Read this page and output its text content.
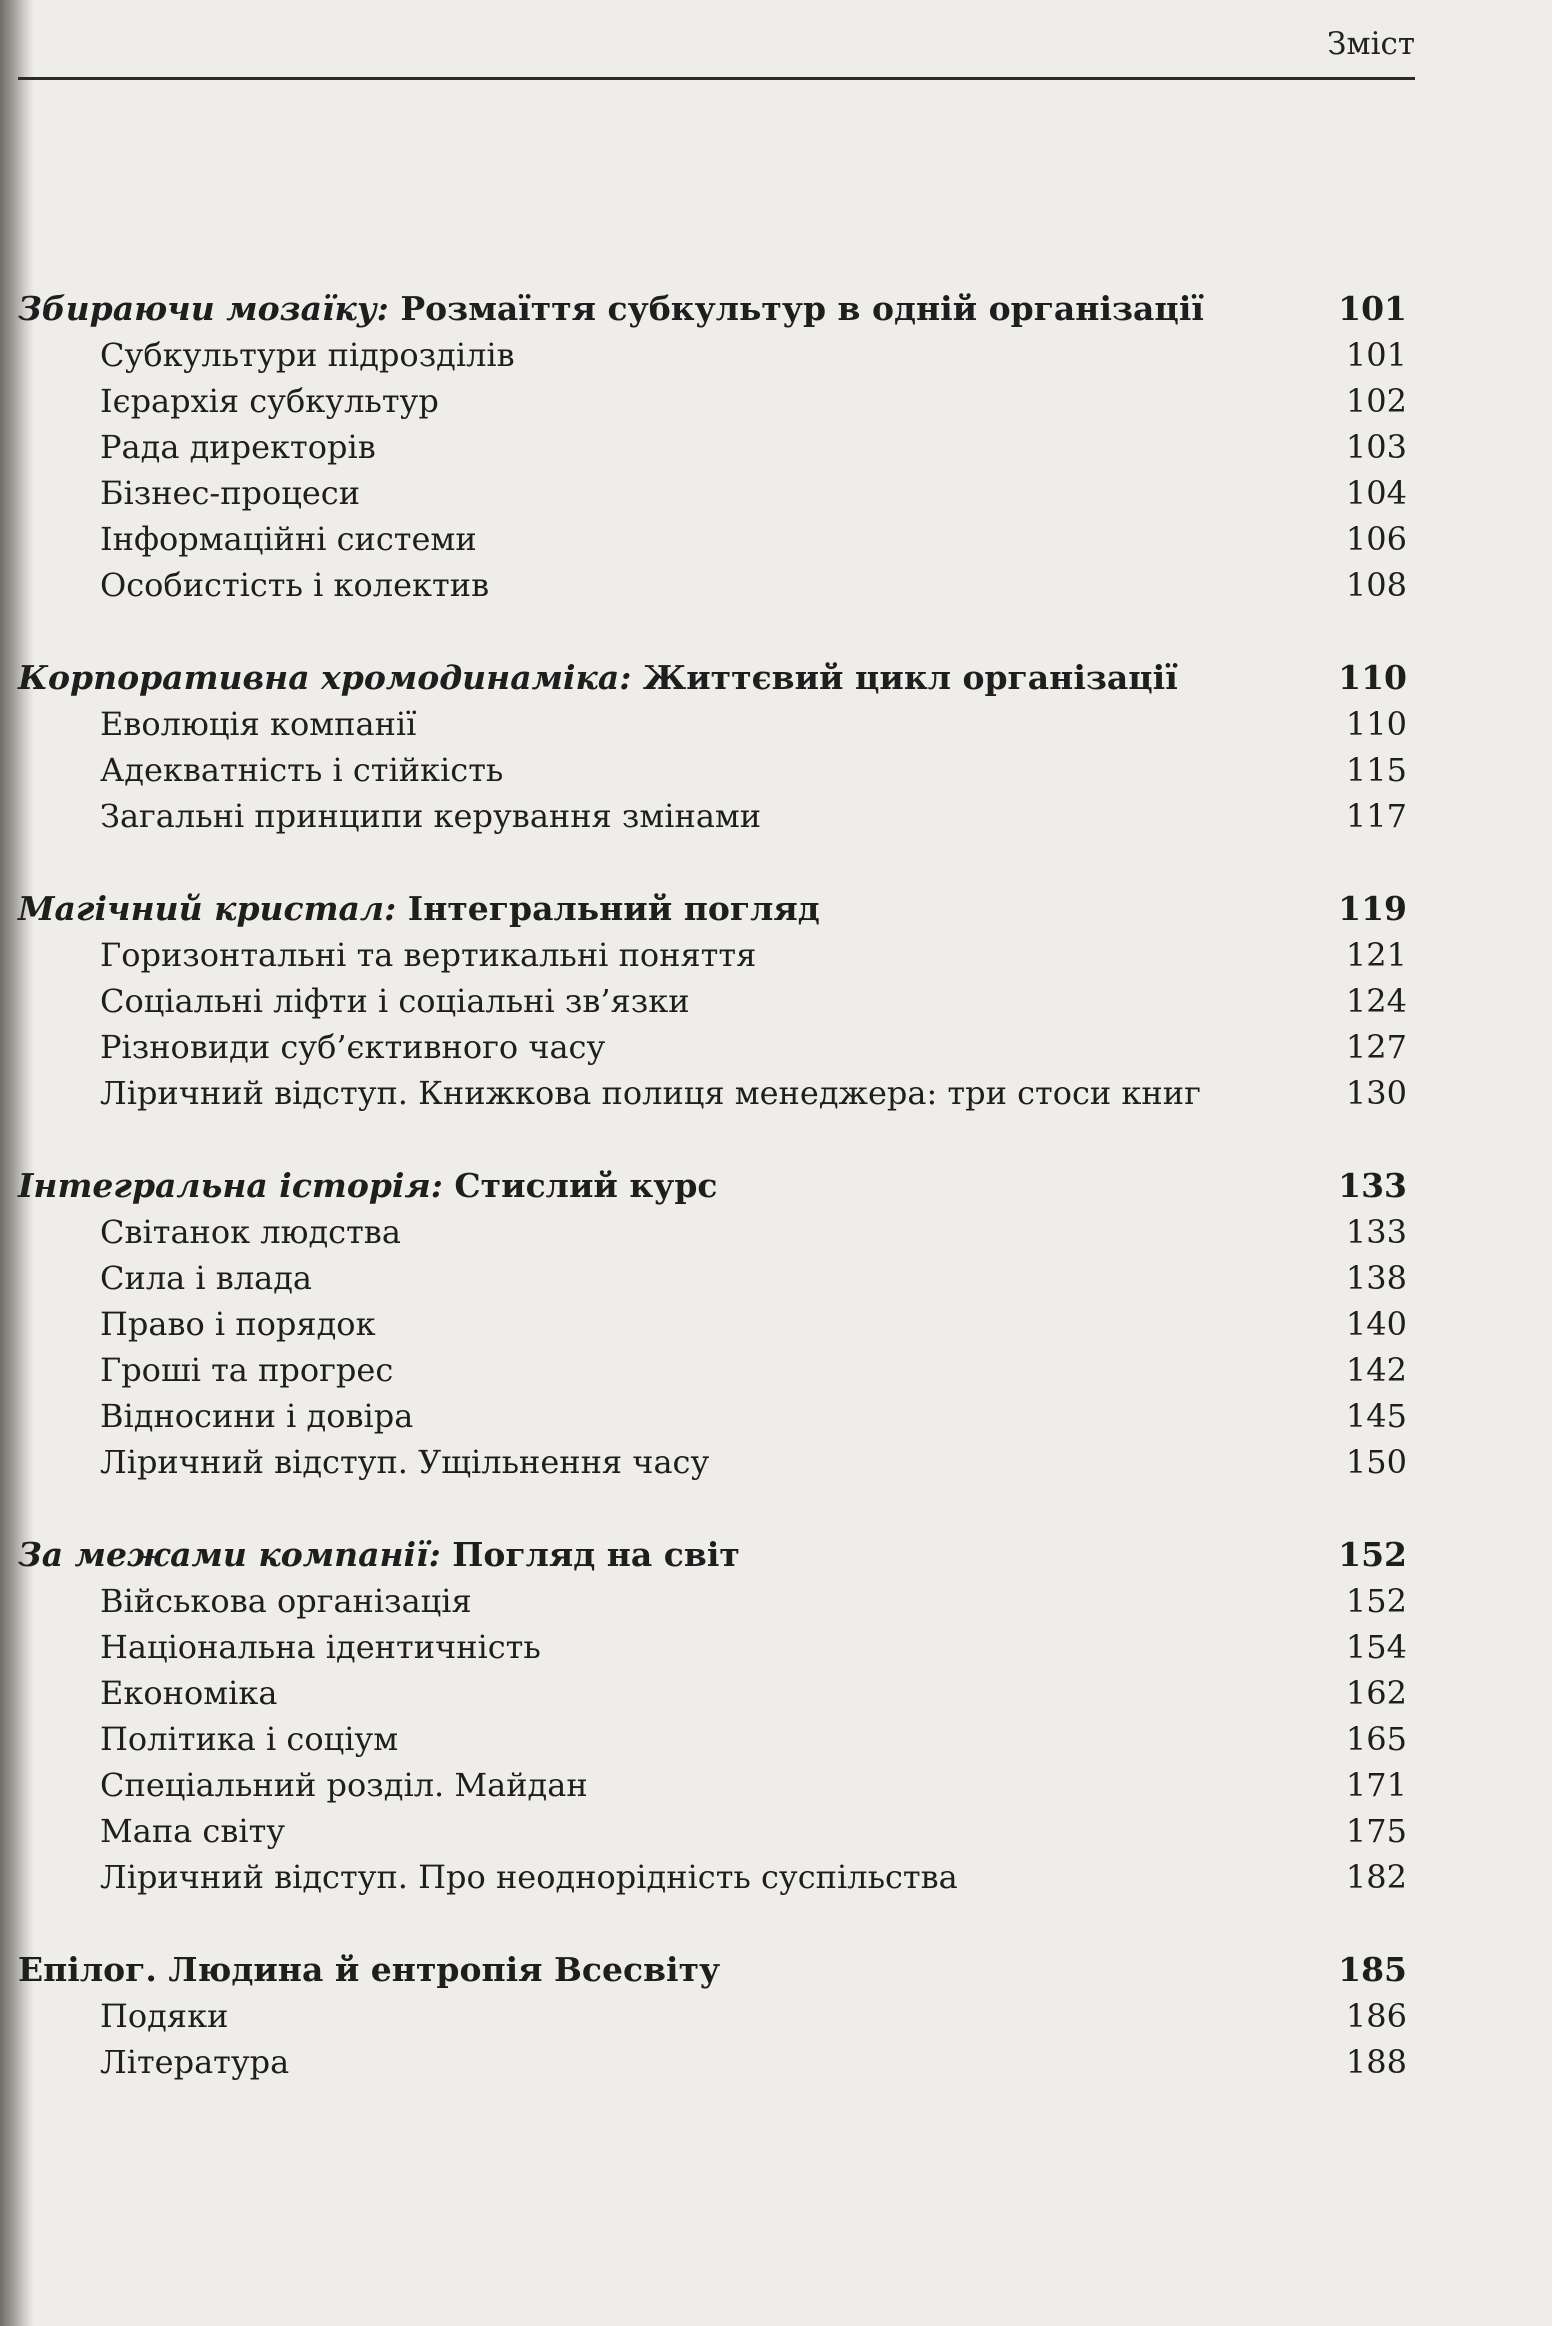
Зміст
Збираючи мозаїку: Розмаїття субкультур в одній організації	101
Субкультури підрозділів	101
Ієрархія субкультур	102
Рада директорів	103
Бізнес-процеси	104
Інформаційні системи	106
Особистість і колектив	108
Корпоративна хромодинаміка: Життєвий цикл організації	110
Еволюція компанії	110
Адекватність і стійкість	115
Загальні принципи керування змінами	117
Магічний кристал: Інтегральний погляд	119
Горизонтальні та вертикальні поняття	121
Соціальні ліфти і соціальні зв’язки	124
Різновиди суб’єктивного часу	127
Ліричний відступ. Книжкова полиця менеджера: три стоси книг	130
Інтегральна історія: Стислий курс	133
Світанок людства	133
Сила і влада	138
Право і порядок	140
Гроші та прогрес	142
Відносини і довіра	145
Ліричний відступ. Ущільнення часу	150
За межами компанії: Погляд на світ	152
Військова організація	152
Національна ідентичність	154
Економіка	162
Політика і соціум	165
Спеціальний розділ. Майдан	171
Мапа світу	175
Ліричний відступ. Про неоднорідність суспільства	182
Епілог. Людина й ентропія Всесвіту	185
Подяки	186
Література	188
